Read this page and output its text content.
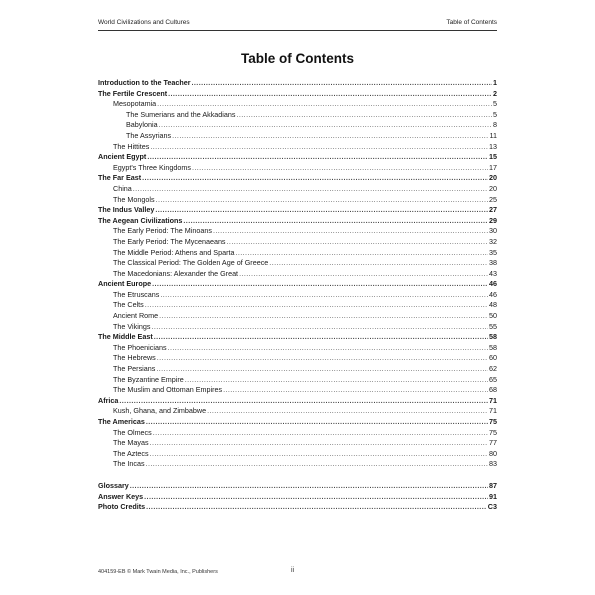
World Civilizations and Cultures	Table of Contents
Table of Contents
Introduction to the Teacher .....	1
The Fertile Crescent .....	2
Mesopotamia .....	5
The Sumerians and the Akkadians .....	5
Babylonia .....	8
The Assyrians .....	11
The Hittites .....	13
Ancient Egypt .....	15
Egypt's Three Kingdoms .....	17
The Far East .....	20
China .....	20
The Mongols .....	25
The Indus Valley .....	27
The Aegean Civilizations .....	29
The Early Period: The Minoans .....	30
The Early Period: The Mycenaeans .....	32
The Middle Period: Athens and Sparta .....	35
The Classical Period: The Golden Age of Greece .....	38
The Macedonians: Alexander the Great .....	43
Ancient Europe .....	46
The Etruscans .....	46
The Celts .....	48
Ancient Rome .....	50
The Vikings .....	55
The Middle East .....	58
The Phoenicians .....	58
The Hebrews .....	60
The Persians .....	62
The Byzantine Empire .....	65
The Muslim and Ottoman Empires .....	68
Africa .....	71
Kush, Ghana, and Zimbabwe .....	71
The Americas .....	75
The Olmecs .....	75
The Mayas .....	77
The Aztecs .....	80
The Incas .....	83
Glossary .....	87
Answer Keys .....	91
Photo Credits .....	C3
404159-EB © Mark Twain Media, Inc., Publishers	ii
